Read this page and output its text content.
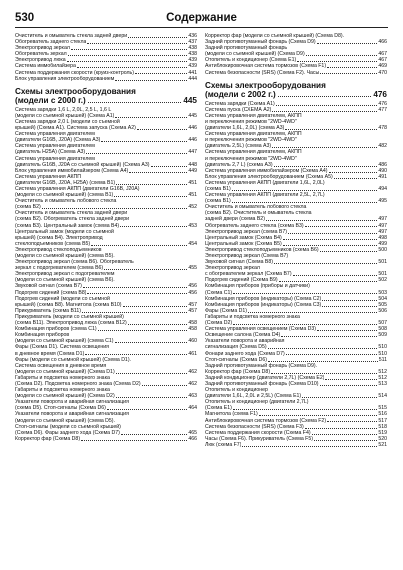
530	Содержание
Очиститель и омыватель стекла задней двери	436
Обогреватель заднего стекла	437
Электропривод зеркал	438
Обогреватель зеркал	438
Электропривод люка	439
Система иммобилайзера	439
Система поддержания скорости (круиз-контроль)	441
Блок управления электрооборудованием	444
Схемы электрооборудования
(модели с 2000 г.)	445
Система зарядки 1,6 L, 2,0L, 2,5 L, 1,6 L
(модели со съемной крышей) (Схема А1)	445
Система зарядки 2,0 L (модели со съемной
крышей) (Схема А1). Система запуска (Схема А2)	446
Система управления двигателем
(двигатели G16B, J20A) (Схема А3)	446
Система управления двигателем
(двигатель H25A) (Схема А3)	447
Система управления двигателем
(двигатель G16B, J20A со съемной крышей) (Схема А3)	448
Блок управления иммобилайзером (Схема А4)	449
Система управления АКПП
(двигатели G16B, J20A, H25A) (схема В1)	451
Система управления АКПП (двигатели G16B, J20A)
(модели со съемной крышей) (схема В1)	451
Очиститель и омыватель лобового стекла
(схема В2)	452
Очиститель и омыватель стекла задней двери
(схема В2). Обогреватель стекла задней двери
(схема В3). Центральный замок (схема В4)	453
Центральный замок (модели со съемной
крышей) (схема В4). Электропривод
стеклоподъемников (схема В5)	454
Электропривод стеклоподъемников
(модели со съемной крышей) (схема В5).
Электропривод зеркал (схема В6). Обогреватель
зеркал с подогревателем (схема В6)	455
Электропривод зеркал с подогревателем
(модели со съемной крышей) (схема В6).
Звуковой сигнал (схема В7)	456
Подогрев сидений (схема В8)	456
Подогрев сидений (модели со съемной
крышей) (схема В8). Магнитола (схема В10)	457
Прикуриватель (схема В11)	457
Прикуриватель (модели со съемной крышей)
(схема В11). Электропривод люка (схема В12)	458
Комбинация приборов (схема С1)	458
Комбинация приборов
(модели со съемной крышей) (схема С1)	460
Фары (Схема D1). Система освещения
в дневное время (Схема D1)	461
Фары (модели со съемной крышей) (Схема D1).
Система освещения в дневное время
(модели со съемной крышей) (Схема D1)	462
Габариты и подсветка номерного знака
(Схема D2). Подсветка номерного знака (Схема D2)	462
Габариты и подсветка номерного знака
(модели со съемной крышей) (Схема D2)	463
Указатели поворота и аварийная сигнализация
(схема D5). Стоп-сигналы (Схема D6)	464
Указатели поворота и аварийная сигнализация
(модели со съемной крышей) (схема D5).
Стоп-сигналы (модели со съемной крышей)
(Схема D6). Фары заднего хода (Схема D7)	465
Корректор фар (Схема D8)	466
Корректор фар (модели со съемной крышей) (Схема D8).
Задний противотуманный фонарь (Схема D9)	466
Задний противотуманный фонарь
(модели со съемной крышей) (Схема D9)	467
Отопитель и кондиционер (Схема Е1)	467
Антиблокировочная система тормозов (Схема F1)	469
Система безопасности (SRS) (Схема F2). Часы	470
Схемы электрооборудования
(модели с 2002 г.)	476
Система зарядки (Схема А1)	476
Система пуска (СХЕМА А2)	477
Система управления двигателем, АКПП
и переключения режимов "2WD-4WD"
(двигатели 1,6L, 2,0L) (схема А3)	478
Система управления двигателем, АКПП
и переключения режимов "2WD-4WD"
(двигатель 2,5L) (схема А3)	482
Система управления двигателем, АКПП
и переключения режимов "2WD-4WD"
(двигатель 2,7 L) (схема А3)	486
Система управления иммобилайзером (Схема А4)	490
Блок управления электрооборудованием (Схема А5)	491
Система управления АКПП (двигатели 1,6L, 2,0L)
(схема В1)	494
Система управления АКПП (двигатели 2,5L, 2,7L)
(схема В1)	495
Очиститель и омыватель лобового стекла
(схема В2). Очиститель и омыватель стекла
задней двери (схема В2)	497
Обогреватель заднего стекла (схема В3)	497
Электропривод зеркал (схема В7)	497
Центральный замок (Схема В4)	498
Центральный замок (Схема В5)	499
Электропривод стеклоподъемников (схема В6)	500
Электропривод зеркал (Схема В7)
Звуковой сигнал (Схема В8)	501
Электропривод зеркал
с обогревателем зеркал (Схема В7)	501
Подогрев сидений (Схема В9)	502
Комбинация приборов (приборы и датчики)
(Схема С1)	503
Комбинация приборов (индикаторы) (Схема С2)	504
Комбинация приборов (индикаторы) (Схема С3)	505
Фары (Схема D1)	506
Габариты и подсветка номерного знака
(Схема D2)	507
Система управления освещением (Схема D3)	508
Освещение салона (Схема D4)	509
Указатели поворота и аварийная
сигнализация (Схема D5)	510
Фонари заднего хода (Схема D7)	510
Стоп-сигналы (Схема D6)	511
Задний противотуманный фонарь (Схема D9).
Корректор фар (Схема D8)	512
Задний кондиционер (двигатели 2,7L) (Схема Е2)	512
Задний противотуманный фонарь (Схема D10)	513
Отопитель и кондиционер
(двигатели 1,6L, 2,0L и 2,5L) (Схема Е1)	514
Отопитель и кондиционер (двигатели 2,7L)
(Схема Е1)	515
Магнитола (схема F1)	516
Антиблокировочная система тормозов (Схема F2)	517
Система безопасности (SRS) (Схема F3)	518
Система поддержания скорости (Схема F4)	519
Часы (Схема F6). Прикуриватель (Схема F5)	520
Люк (схема F7)	521
